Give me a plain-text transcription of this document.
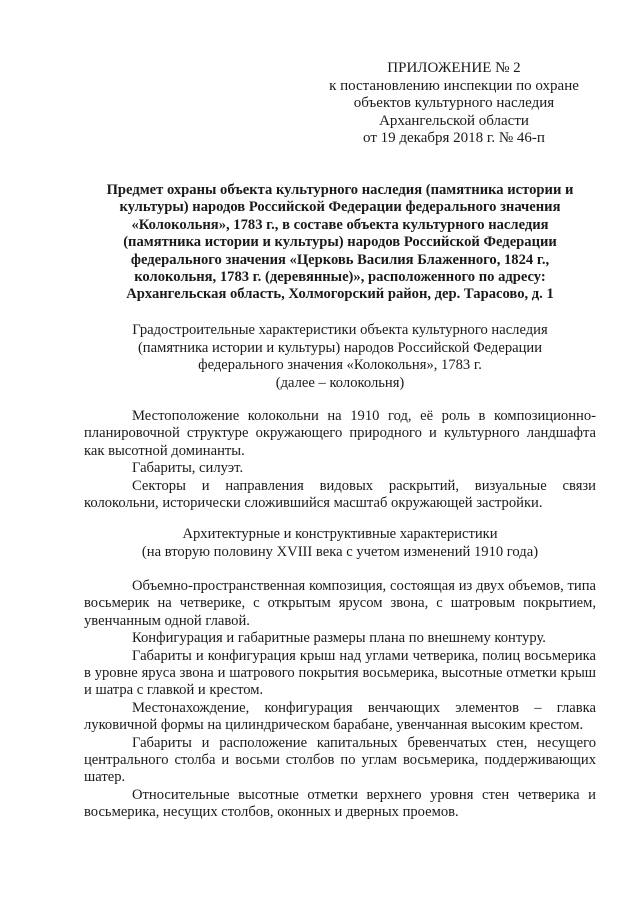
ПРИЛОЖЕНИЕ № 2
к постановлению инспекции по охране
объектов культурного наследия
Архангельской области
от 19 декабря 2018 г. № 46-п
Предмет охраны объекта культурного наследия (памятника истории и
культуры) народов Российской Федерации федерального значения
«Колокольня», 1783 г., в составе объекта культурного наследия
(памятника истории и культуры) народов Российской Федерации
федерального значения «Церковь Василия Блаженного, 1824 г.,
колокольня, 1783 г. (деревянные)», расположенного по адресу:
Архангельская область, Холмогорский район, дер. Тарасово, д. 1
Градостроительные характеристики объекта культурного наследия
(памятника истории и культуры) народов Российской Федерации
федерального значения «Колокольня», 1783 г.
(далее – колокольня)

Местоположение колокольни на 1910 год, её роль в композиционно-планировочной структуре окружающего природного и культурного ландшафта как высотной доминанты.

Габариты, силуэт.

Секторы и направления видовых раскрытий, визуальные связи колокольни, исторически сложившийся масштаб окружающей застройки.

Архитектурные и конструктивные характеристики
(на вторую половину XVIII века с учетом изменений 1910 года)

Объемно-пространственная композиция, состоящая из двух объемов, типа восьмерик на четверике, с открытым ярусом звона, с шатровым покрытием, увенчанным одной главой.

Конфигурация и габаритные размеры плана по внешнему контуру.

Габариты и конфигурация крыш над углами четверика, полиц восьмерика в уровне яруса звона и шатрового покрытия восьмерика, высотные отметки крыш и шатра с главкой и крестом.

Местонахождение, конфигурация венчающих элементов – главка луковичной формы на цилиндрическом барабане, увенчанная высоким крестом.

Габариты и расположение капитальных бревенчатых стен, несущего центрального столба и восьми столбов по углам восьмерика, поддерживающих шатер.

Относительные высотные отметки верхнего уровня стен четверика и восьмерика, несущих столбов, оконных и дверных проемов.
